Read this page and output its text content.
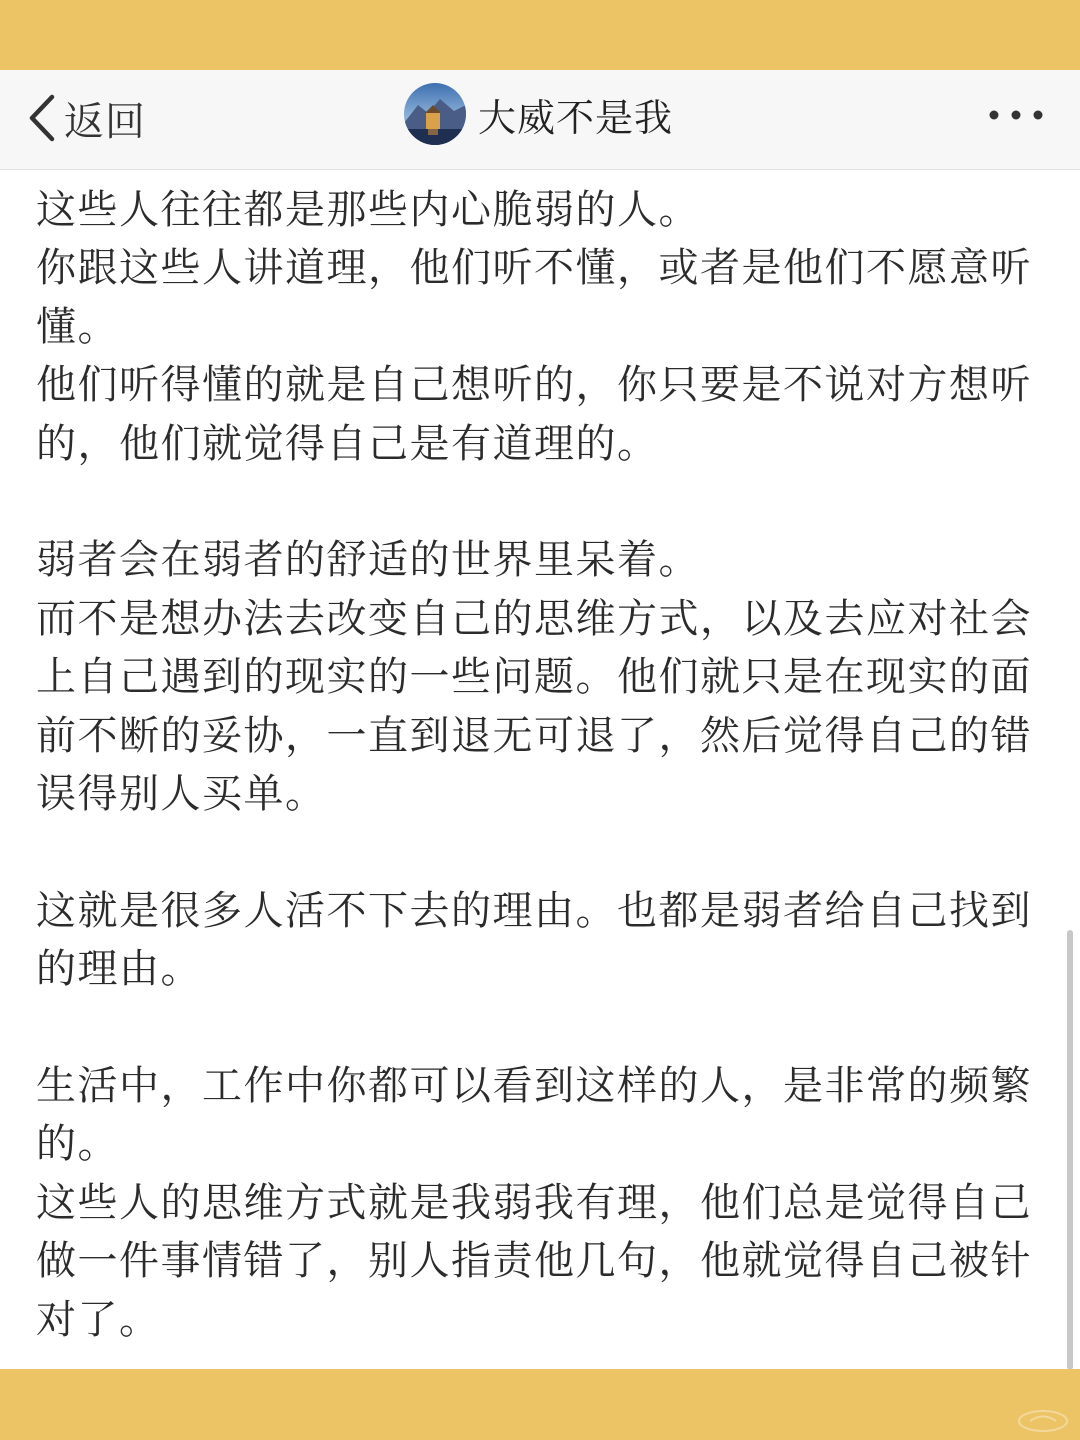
返回	大威不是我

这些人往往都是那些内心脆弱的人。

你跟这些人讲道理，他们听不懂，或者是他们不愿意听懂。

他们听得懂的就是自己想听的，你只要是不说对方想听的，他们就觉得自己是有道理的。

弱者会在弱者的舒适的世界里呆着。

而不是想办法去改变自己的思维方式，以及去应对社会上自己遇到的现实的一些问题。他们就只是在现实的面前不断的妥协，一直到退无可退了，然后觉得自己的错误得别人买单。

这就是很多人活不下去的理由。也都是弱者给自己找到的理由。

生活中，工作中你都可以看到这样的人，是非常的频繁的。

这些人的思维方式就是我弱我有理，他们总是觉得自己做一件事情错了，别人指责他几句，他就觉得自己被针对了。
